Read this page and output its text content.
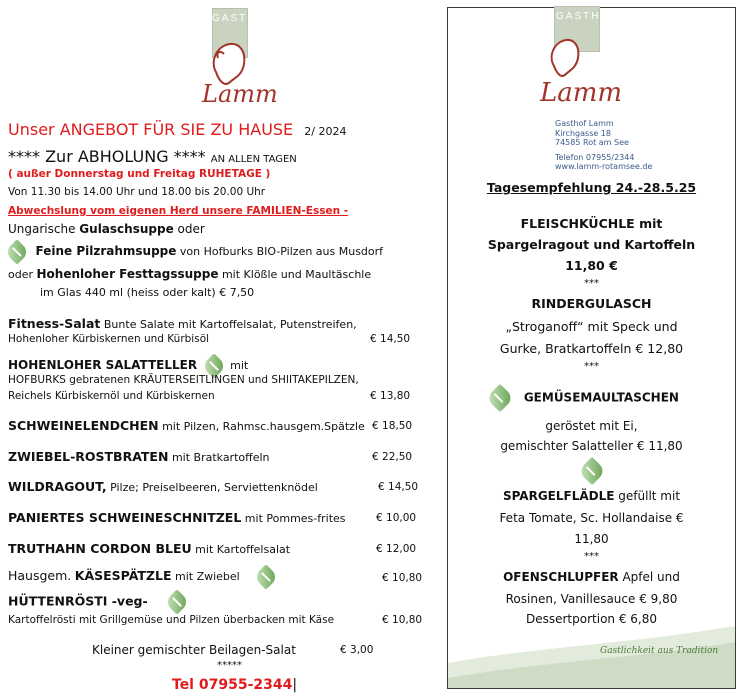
GASTHOF
Lamm
Unser ANGEBOT FÜR SIE ZU HAUSE 2/ 2024
**** Zur ABHOLUNG **** AN ALLEN TAGEN
( außer Donnerstag und Freitag RUHETAGE )
Von 11.30 bis 14.00 Uhr und 18.00 bis 20.00 Uhr
Abwechslung vom eigenen Herd unsere FAMILIEN-Essen -
Ungarische Gulaschsuppe oder
Feine Pilzrahmsuppe von Hofburks BIO-Pilzen aus Musdorf
oder Hohenloher Festtagssuppe mit Klößle und Maultäschle
im Glas 440 ml (heiss oder kalt) € 7,50
Fitness-Salat Bunte Salate mit Kartoffelsalat, Putenstreifen,
Hohenloher Kürbiskernen und Kürbisöl	€ 14,50
HOHENLOHER SALATTELLER	mit
HOFBURKS gebratenen KRÄUTERSEITLINGEN und SHIITAKEPILZEN,
Reichels Kürbiskernöl und Kürbiskernen	€ 13,80
SCHWEINELENDCHEN mit Pilzen, Rahmsc.hausgem.Spätzle € 18,50
ZWIEBEL-ROSTBRATEN mit Bratkartoffeln	€ 22,50
WILDRAGOUT, Pilze; Preiselbeeren, Serviettenknödel	€ 14,50
PANIERTES SCHWEINESCHNITZEL mit Pommes-frites	€ 10,00
TRUTHAHN CORDON BLEU mit Kartoffelsalat	€ 12,00
Hausgem. KÄSESPÄTZLE mit Zwiebel	€ 10,80
HÜTTENRÖSTI -veg-
Kartoffelrösti mit Grillgemüse und Pilzen überbacken mit Käse	€ 10,80
Kleiner gemischter Beilagen-Salat	€ 3,00
*****
Tel 07955-2344|
GASTHOF
Lamm
Gasthof Lamm
Kirchgasse 18
74585 Rot am See
Telefon 07955/2344
www.lamm-rotamsee.de
Tagesempfehlung 24.-28.5.25
FLEISCHKÜCHLE mit
Spargelragout und Kartoffeln
11,80 €
***
RINDERGULASCH
„Stroganoff“ mit Speck und
Gurke, Bratkartoffeln € 12,80
***
GEMÜSEMAULTASCHEN
geröstet mit Ei,
gemischter Salatteller € 11,80
SPARGELFLÄDLE gefüllt mit
Feta Tomate, Sc. Hollandaise €
11,80
***
OFENSCHLUPFER Apfel und
Rosinen, Vanillesauce € 9,80
Dessertportion € 6,80
Gastlichkeit aus Tradition
